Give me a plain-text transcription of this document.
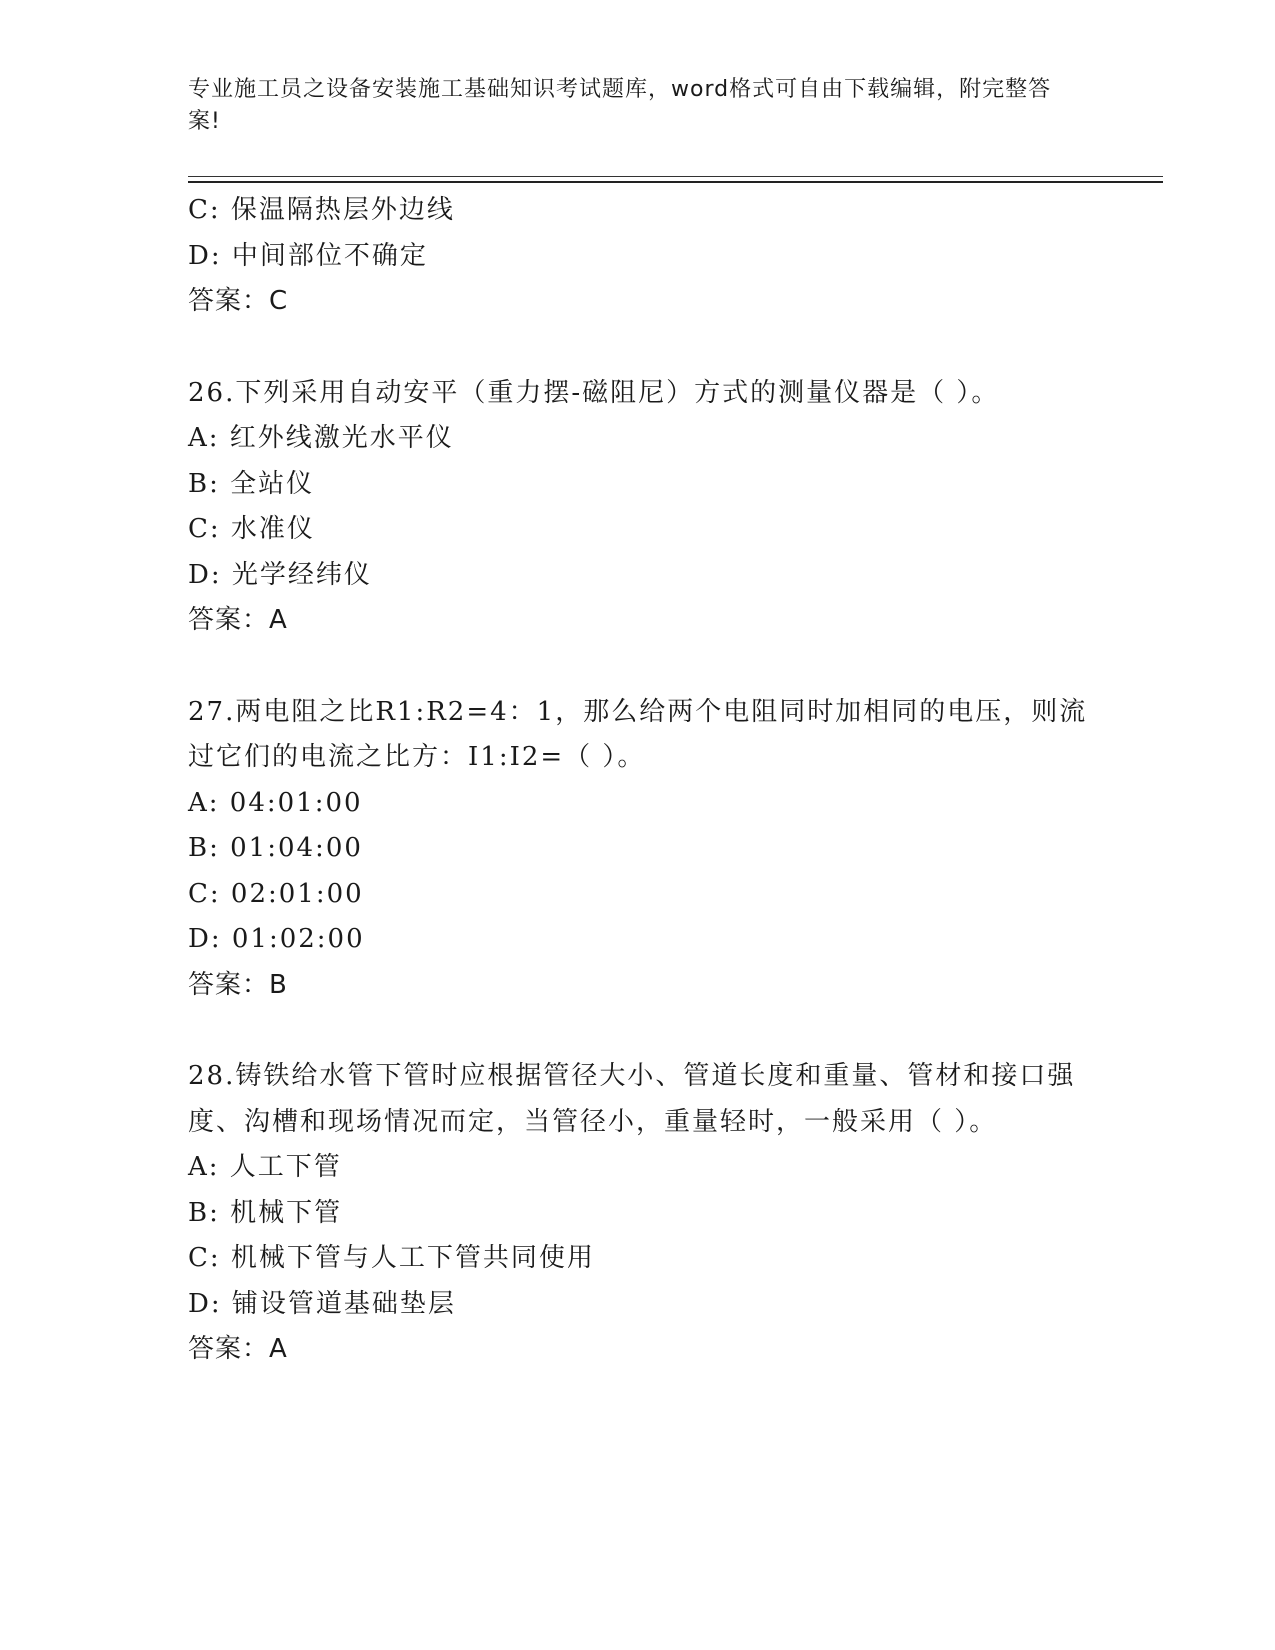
专业施工员之设备安装施工基础知识考试题库，word格式可自由下载编辑，附完整答案!
C: 保温隔热层外边线
D: 中间部位不确定
答案：C
26.下列采用自动安平（重力摆-磁阻尼）方式的测量仪器是（ ）。
A: 红外线激光水平仪
B: 全站仪
C: 水准仪
D: 光学经纬仪
答案：A
27.两电阻之比R1:R2=4：1，那么给两个电阻同时加相同的电压，则流过它们的电流之比方：I1:I2=（ ）。
A: 04:01:00
B: 01:04:00
C: 02:01:00
D: 01:02:00
答案：B
28.铸铁给水管下管时应根据管径大小、管道长度和重量、管材和接口强度、沟槽和现场情况而定，当管径小，重量轻时，一般采用（ ）。
A: 人工下管
B: 机械下管
C: 机械下管与人工下管共同使用
D: 铺设管道基础垫层
答案：A
